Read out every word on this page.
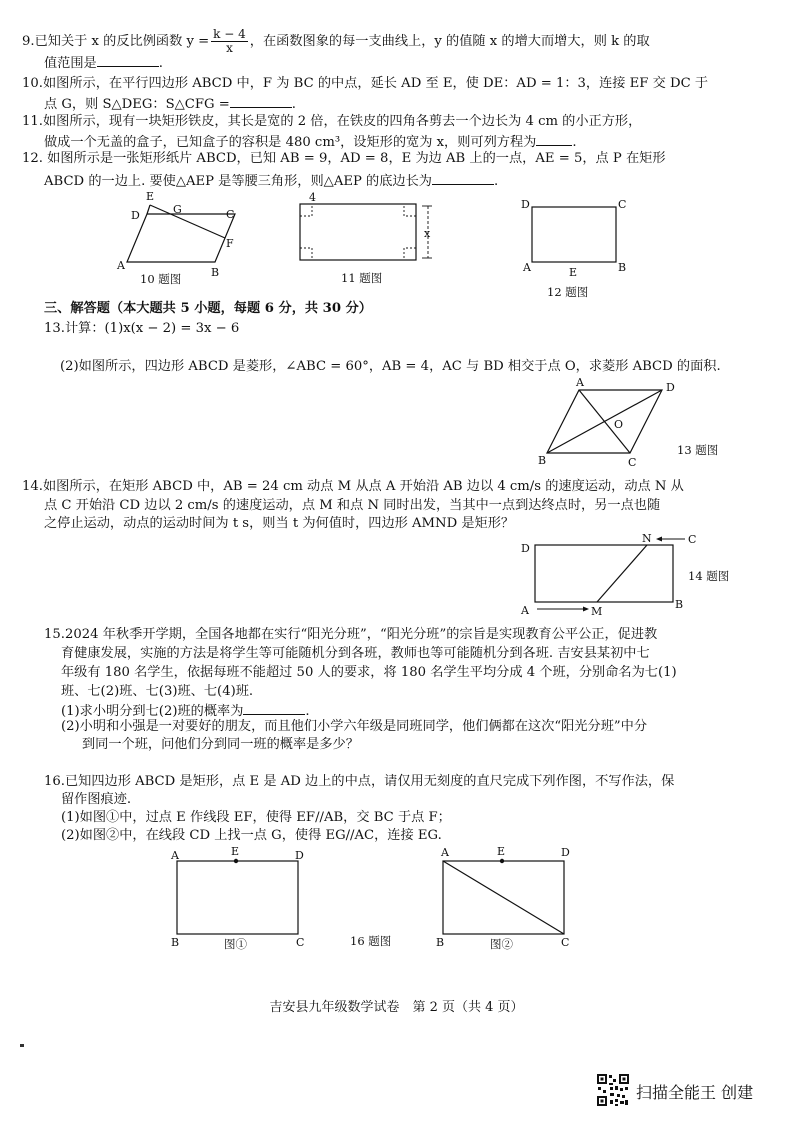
9.已知关于 x 的反比例函数 $y = \frac{k - 4}{x}$ ，在函数图象的每一支曲线上，y 的值随 x 的增大而增大，则 k 的取
值范围是	.
10.如图所示，在平行四边形 ABCD 中，F 为 BC 的中点，延长 AD 至 E，使 DE：AD = 1：3，连接 EF 交 DC 于
点 G，则 S△DEG：S△CFG =	.
11.如图所示，现有一块矩形铁皮，其长是宽的 2 倍，在铁皮的四角各剪去一个边长为 4 cm 的小正方形，
做成一个无盖的盒子，已知盒子的容积是 480 cm³，设矩形的宽为 x，则可列方程为	.
12. 如图所示是一张矩形纸片 ABCD，已知 AB = 9，AD = 8，E 为边 AB 上的一点，AE = 5，点 P 在矩形
ABCD 的一边上. 要使△AEP 是等腰三角形，则△AEP 的底边长为	.
A
B
C
D
E
F
G
10 题图
4
x
11 题图
D	C
A	B
E
12 题图
三、解答题（本大题共 5 小题，每题 6 分，共 30 分）
13.计算：(1)x(x − 2) = 3x − 6
(2)如图所示，四边形 ABCD 是菱形，∠ABC = 60°，AB = 4，AC 与 BD 相交于点 O，求菱形 ABCD 的面积.
A	D
B	C
O
13 题图
14.如图所示，在矩形 ABCD 中，AB = 24 cm 动点 M 从点 A 开始沿 AB 边以 4 cm/s 的速度运动，动点 N 从
点 C 开始沿 CD 边以 2 cm/s 的速度运动，点 M 和点 N 同时出发，当其中一点到达终点时，另一点也随
之停止运动，动点的运动时间为 t s，则当 t 为何值时，四边形 AMND 是矩形？
D
N	C
A	M
B
14 题图
15.2024 年秋季开学期，全国各地都在实行“阳光分班”，“阳光分班”的宗旨是实现教育公平公正，促进教
育健康发展，实施的方法是将学生等可能随机分到各班，教师也等可能随机分到各班. 吉安县某初中七
年级有 180 名学生，依据每班不能超过 50 人的要求，将 180 名学生平均分成 4 个班，分别命名为七(1)
班、七(2)班、七(3)班、七(4)班.
(1)求小明分到七(2)班的概率为	.
(2)小明和小强是一对要好的朋友，而且他们小学六年级是同班同学，他们俩都在这次“阳光分班”中分
到同一个班，问他们分到同一班的概率是多少？
16.已知四边形 ABCD 是矩形，点 E 是 AD 边上的中点，请仅用无刻度的直尺完成下列作图，不写作法，保
留作图痕迹.
(1)如图①中，过点 E 作线段 EF，使得 EF//AB，交 BC 于点 F；
(2)如图②中，在线段 CD 上找一点 G，使得 EG//AC，连接 EG.
A	E	D
B	C
图①	16 题图
A	E	D
B	C
图②
吉安县九年级数学试卷　第 2 页（共 4 页）
扫描全能王 创建
